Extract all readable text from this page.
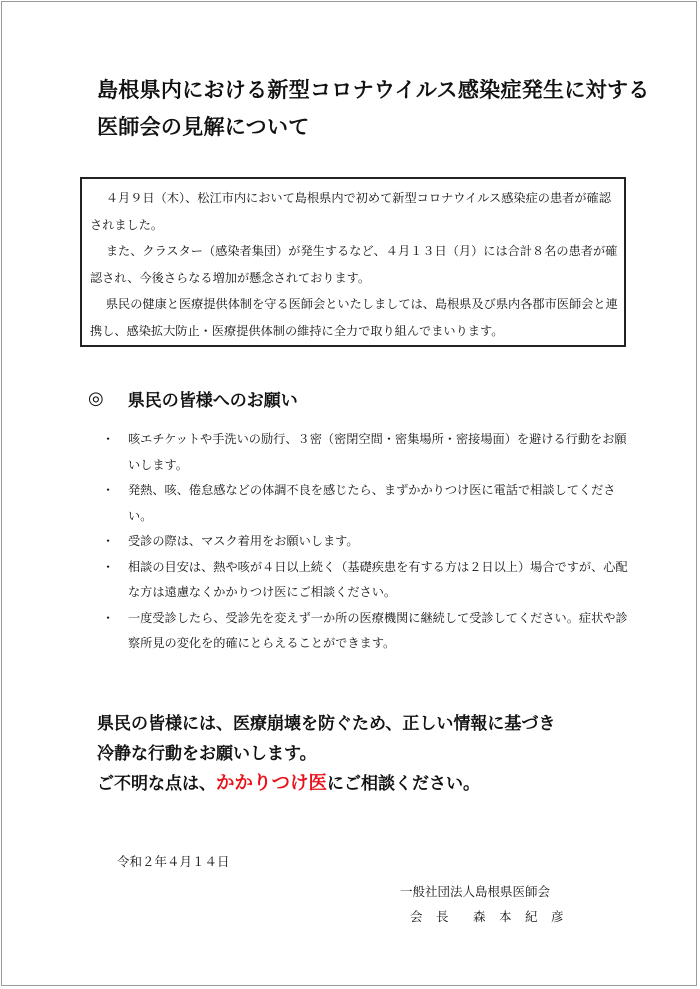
島根県内における新型コロナウイルス感染症発生に対する
医師会の見解について

４月９日（木）、松江市内において島根県内で初めて新型コロナウイルス感染症の患者が確認されました。

また、クラスター（感染者集団）が発生するなど、４月１３日（月）には合計８名の患者が確認され、今後さらなる増加が懸念されております。

県民の健康と医療提供体制を守る医師会といたしましては、島根県及び県内各郡市医師会と連携し、感染拡大防止・医療提供体制の維持に全力で取り組んでまいります。

◎ 県民の皆様へのお願い
・ 咳エチケットや手洗いの励行、３密（密閉空間・密集場所・密接場面）を避ける行動をお願いします。
・ 発熱、咳、倦怠感などの体調不良を感じたら、まずかかりつけ医に電話で相談してください。
・ 受診の際は、マスク着用をお願いします。
・ 相談の目安は、熱や咳が４日以上続く（基礎疾患を有する方は２日以上）場合ですが、心配な方は遠慮なくかかりつけ医にご相談ください。
・ 一度受診したら、受診先を変えず一か所の医療機関に継続して受診してください。症状や診察所見の変化を的確にとらえることができます。
県民の皆様には、医療崩壊を防ぐため、正しい情報に基づき
冷静な行動をお願いします。
ご不明な点は、かかりつけ医にご相談ください。
令和２年４月１４日
一般社団法人島根県医師会
会　長 森　本　紀　彦
